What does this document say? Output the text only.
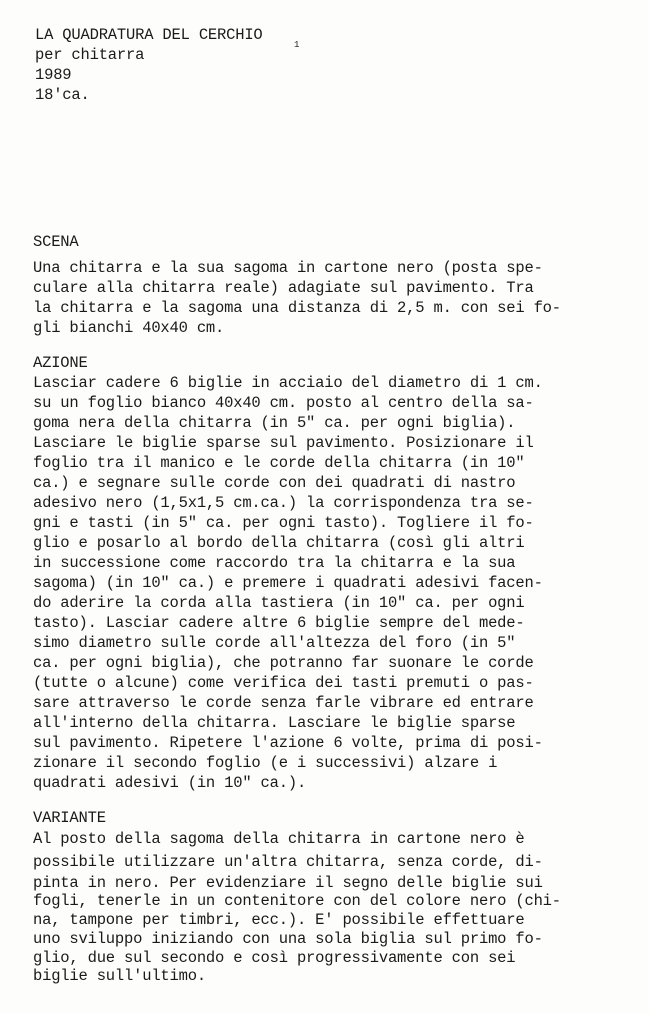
LA QUADRATURA DEL CERCHIO
per chitarra
1989
18'ca.
1
SCENA
Una chitarra e la sua sagoma in cartone nero (posta spe-
culare alla chitarra reale) adagiate sul pavimento. Tra
la chitarra e la sagoma una distanza di 2,5 m. con sei fo-
gli bianchi 40x40 cm.
AZIONE
Lasciar cadere 6 biglie in acciaio del diametro di 1 cm.
su un foglio bianco 40x40 cm. posto al centro della sa-
goma nera della chitarra (in 5" ca. per ogni biglia).
Lasciare le biglie sparse sul pavimento. Posizionare il
foglio tra il manico e le corde della chitarra (in 10"
ca.) e segnare sulle corde con dei quadrati di nastro
adesivo nero (1,5x1,5 cm.ca.) la corrispondenza tra se-
gni e tasti (in 5" ca. per ogni tasto). Togliere il fo-
glio e posarlo al bordo della chitarra (così gli altri
in successione come raccordo tra la chitarra e la sua
sagoma) (in 10" ca.) e premere i quadrati adesivi facen-
do aderire la corda alla tastiera (in 10" ca. per ogni
tasto). Lasciar cadere altre 6 biglie sempre del mede-
simo diametro sulle corde all'altezza del foro (in 5"
ca. per ogni biglia), che potranno far suonare le corde
(tutte o alcune) come verifica dei tasti premuti o pas-
sare attraverso le corde senza farle vibrare ed entrare
all'interno della chitarra. Lasciare le biglie sparse
sul pavimento. Ripetere l'azione 6 volte, prima di posi-
zionare il secondo foglio (e i successivi) alzare i
quadrati adesivi (in 10" ca.).
VARIANTE
Al posto della sagoma della chitarra in cartone nero è
possibile utilizzare un'altra chitarra, senza corde, di-
pinta in nero. Per evidenziare il segno delle biglie sui
fogli, tenerle in un contenitore con del colore nero (chi-
na, tampone per timbri, ecc.). E' possibile effettuare
uno sviluppo iniziando con una sola biglia sul primo fo-
glio, due sul secondo e così progressivamente con sei
biglie sull'ultimo.
